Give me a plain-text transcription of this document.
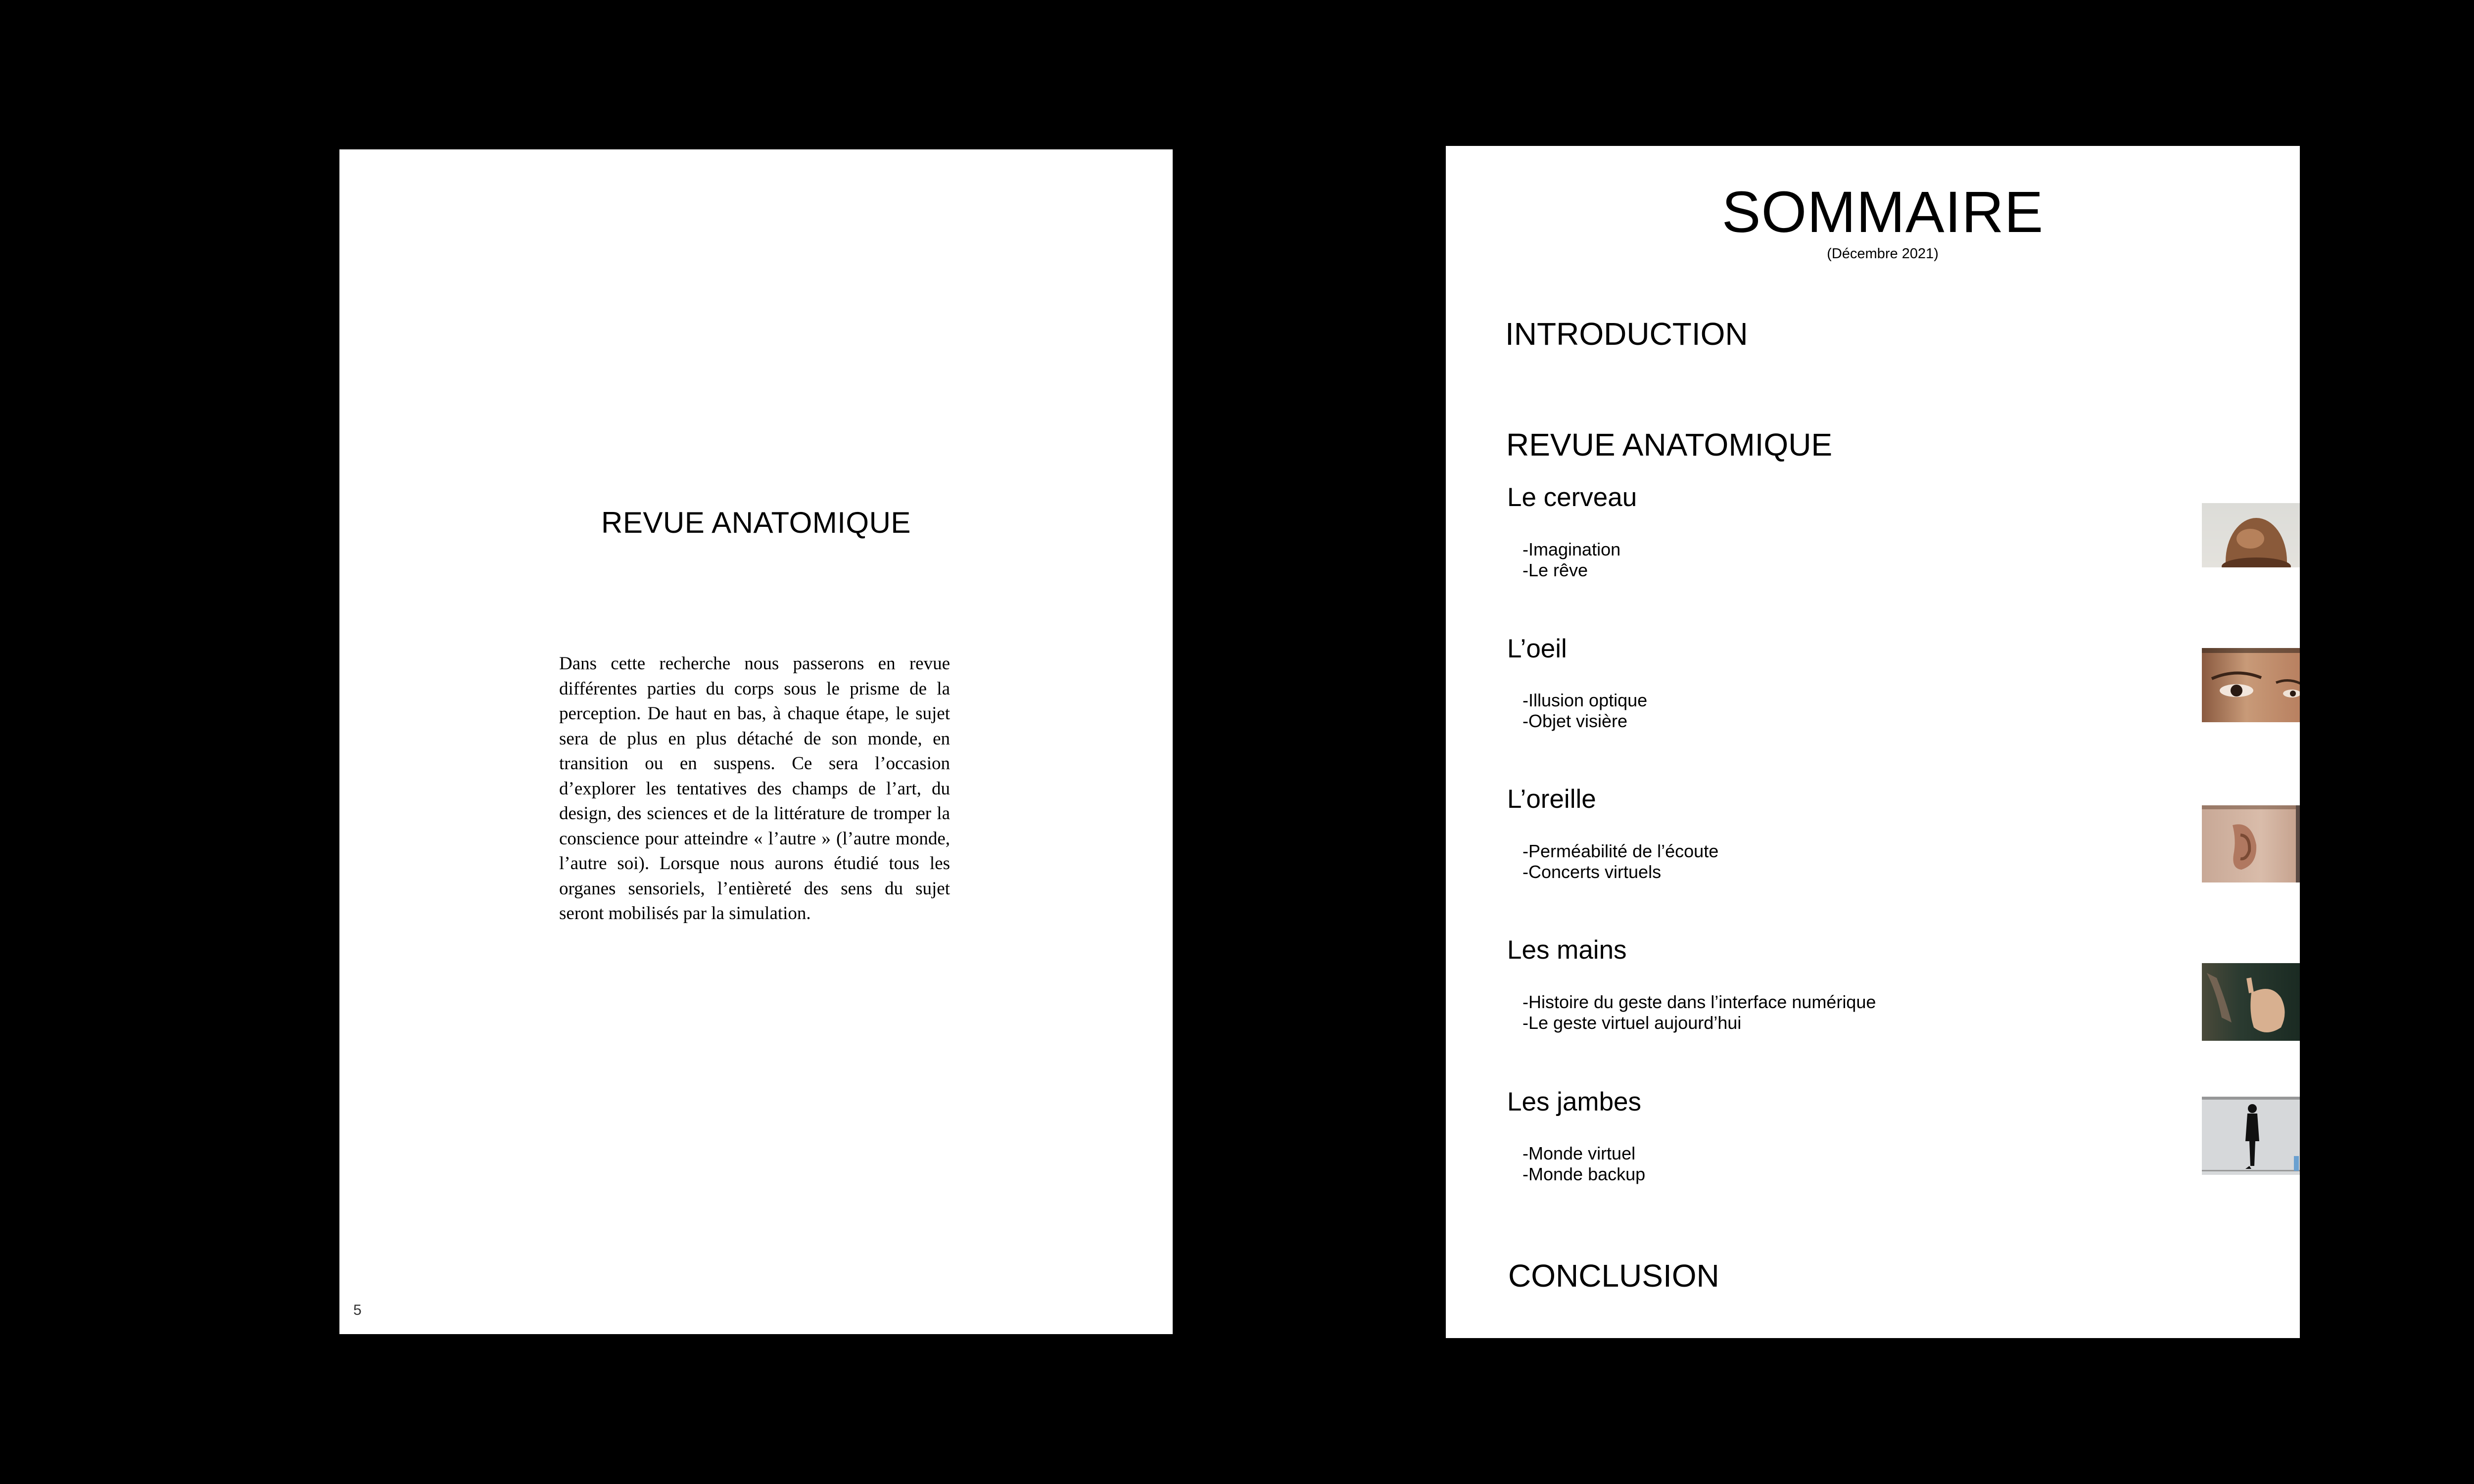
REVUE ANATOMIQUE
Dans cette recherche nous passerons en revue différentes parties du corps sous le prisme de la perception. De haut en bas, à chaque étape, le sujet sera de plus en plus détaché de son monde, en transition ou en suspens. Ce sera l’occasion d’explorer les tentatives des champs de l’art, du design, des sciences et de la littérature de tromper la conscience pour atteindre « l’autre » (l’autre monde, l’autre soi). Lorsque nous aurons étudié tous les organes sensoriels, l’entièreté des sens du sujet seront mobilisés par la simulation.
5
SOMMAIRE
(Décembre 2021)
INTRODUCTION
REVUE ANATOMIQUE
Le cerveau
-Imagination
-Le rêve
L’oeil
-Illusion optique
-Objet visière
L’oreille
-Perméabilité de l’écoute
-Concerts virtuels
Les mains
-Histoire du geste dans l’interface numérique
-Le geste virtuel aujourd’hui
Les jambes
-Monde virtuel
-Monde backup
CONCLUSION
